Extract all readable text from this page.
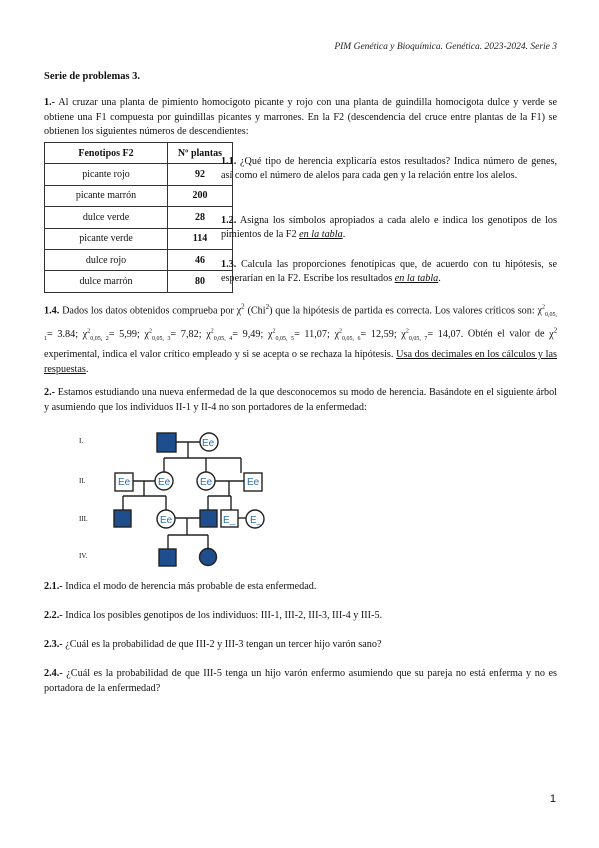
PIM Genética y Bioquímica. Genética. 2023-2024. Serie 3
Serie de problemas 3.
1.- Al cruzar una planta de pimiento homocigoto picante y rojo con una planta de guindilla homocigota dulce y verde se obtiene una F1 compuesta por guindillas picantes y marrones. En la F2 (descendencia del cruce entre plantas de la F1) se obtienen los siguientes números de descendientes:
Fenotipos F2	Nº plantas
picante rojo	92
picante marrón	200
dulce verde	28
picante verde	114
dulce rojo	46
dulce marrón	80
1.1. ¿Qué tipo de herencia explicaría estos resultados? Indica número de genes, así como el número de alelos para cada gen y la relación entre los alelos.
1.2. Asigna los símbolos apropiados a cada alelo e indica los genotipos de los pimientos de la F2 en la tabla.
1.3. Calcula las proporciones fenotípicas que, de acuerdo con tu hipótesis, se esperarían en la F2. Escribe los resultados en la tabla.
1.4. Dados los datos obtenidos comprueba por $\chi^2$ (Chi$^2$) que la hipótesis de partida es correcta. Los valores críticos son: $\chi^2_{0,05, 1}= 3.84$; $\chi^2_{0,05, 2}= 5,99$; $\chi^2_{0,05, 3}= 7,82$; $\chi^2_{0,05, 4}= 9,49$; $\chi^2_{0,05, 5}= 11,07$; $\chi^2_{0,05, 6}= 12,59$; $\chi^2_{0,05, 7}= 14,07$. Obtén el valor de $\chi^2$ experimental, indica el valor crítico empleado y si se acepta o se rechaza la hipótesis. Usa dos decimales en los cálculos y las respuestas.
2.- Estamos estudiando una nueva enfermedad de la que desconocemos su modo de herencia. Basándote en el siguiente árbol y asumiendo que los individuos II-1 y II-4 no son portadores de la enfermedad:
I.
II.
III.
IV.
Ee
Ee	Ee	Ee	Ee
Ee	E_ E_
2.1.- Indica el modo de herencia más probable de esta enfermedad.
2.2.- Indica los posibles genotipos de los individuos: III-1, III-2, III-3, III-4 y III-5.
2.3.- ¿Cuál es la probabilidad de que III-2 y III-3 tengan un tercer hijo varón sano?
2.4.- ¿Cuál es la probabilidad de que III-5 tenga un hijo varón enfermo asumiendo que su pareja no está enferma y no es portadora de la enfermedad?
1
